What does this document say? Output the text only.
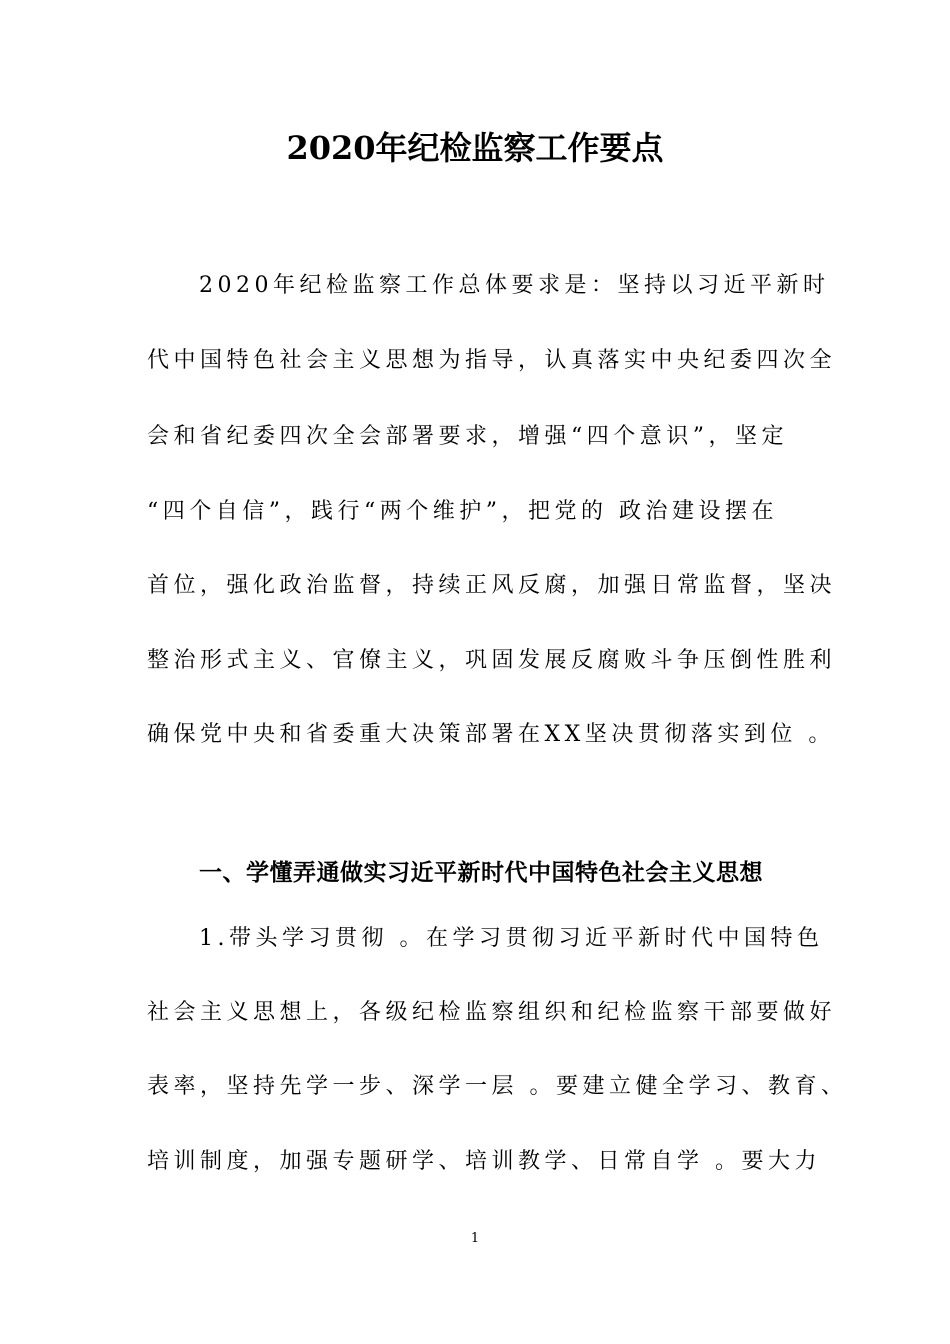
2020年纪检监察工作要点
2020年纪检监察工作总体要求是：坚持以习近平新时
代中国特色社会主义思想为指导，认真落实中央纪委四次全
会和省纪委四次全会部署要求，增强“四个意识”，坚定
“四个自信”，践行“两个维护”，把党的 政治建设摆在
首位，强化政治监督，持续正风反腐，加强日常监督，坚决
整治形式主义、官僚主义，巩固发展反腐败斗争压倒性胜利
确保党中央和省委重大决策部署在XX坚决贯彻落实到位 。
一、学懂弄通做实习近平新时代中国特色社会主义思想
1.带头学习贯彻 。在学习贯彻习近平新时代中国特色
社会主义思想上，各级纪检监察组织和纪检监察干部要做好
表率，坚持先学一步、深学一层 。要建立健全学习、教育、
培训制度，加强专题研学、培训教学、日常自学 。要大力
1
